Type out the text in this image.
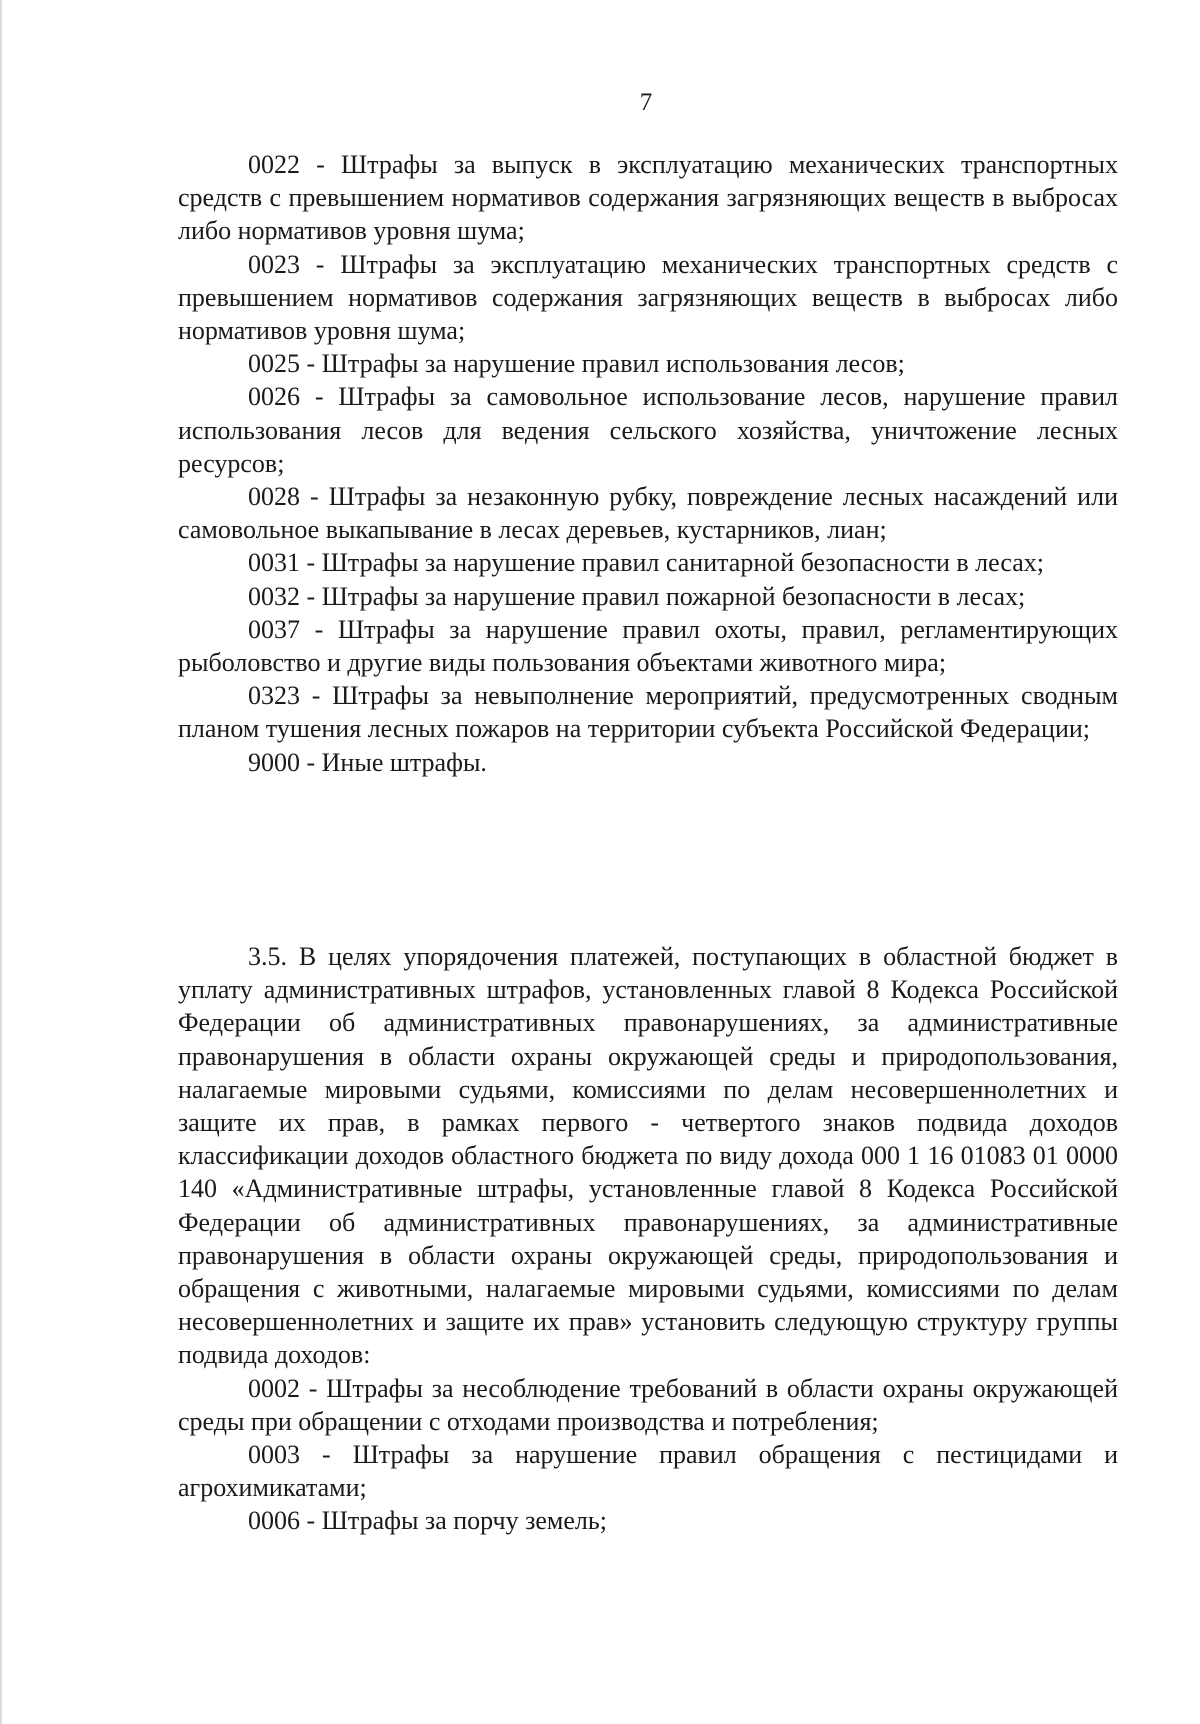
7

0022 - Штрафы за выпуск в эксплуатацию механических транспортных средств с превышением нормативов содержания загрязняющих веществ в выбросах либо нормативов уровня шума;

0023 - Штрафы за эксплуатацию механических транспортных средств с превышением нормативов содержания загрязняющих веществ в выбросах либо нормативов уровня шума;

0025 - Штрафы за нарушение правил использования лесов;

0026 - Штрафы за самовольное использование лесов, нарушение правил использования лесов для ведения сельского хозяйства, уничтожение лесных ресурсов;

0028 - Штрафы за незаконную рубку, повреждение лесных насаждений или самовольное выкапывание в лесах деревьев, кустарников, лиан;

0031 - Штрафы за нарушение правил санитарной безопасности в лесах;

0032 - Штрафы за нарушение правил пожарной безопасности в лесах;

0037 - Штрафы за нарушение правил охоты, правил, регламентирующих рыболовство и другие виды пользования объектами животного мира;

0323 - Штрафы за невыполнение мероприятий, предусмотренных сводным планом тушения лесных пожаров на территории субъекта Российской Федерации;

9000 - Иные штрафы.

3.5. В целях упорядочения платежей, поступающих в областной бюджет в уплату административных штрафов, установленных главой 8 Кодекса Российской Федерации об административных правонарушениях, за административные правонарушения в области охраны окружающей среды и природопользования, налагаемые мировыми судьями, комиссиями по делам несовершеннолетних и защите их прав, в рамках первого - четвертого знаков подвида доходов классификации доходов областного бюджета по виду дохода 000 1 16 01083 01 0000 140 «Административные штрафы, установленные главой 8 Кодекса Российской Федерации об административных правонарушениях, за административные правонарушения в области охраны окружающей среды, природопользования и обращения с животными, налагаемые мировыми судьями, комиссиями по делам несовершеннолетних и защите их прав» установить следующую структуру группы подвида доходов:

0002 - Штрафы за несоблюдение требований в области охраны окружающей среды при обращении с отходами производства и потребления;

0003 - Штрафы за нарушение правил обращения с пестицидами и агрохимикатами;

0006 - Штрафы за порчу земель;
